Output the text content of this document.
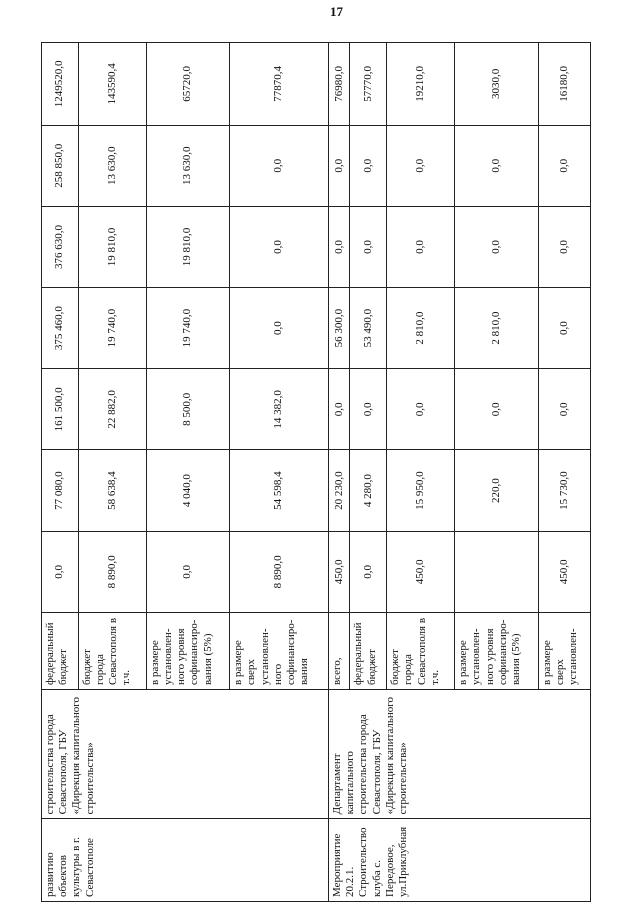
17
развитию объектов культуры в г. Севастополе	строительства города Севастополя, ГБУ «Дирекция капитального строительства»	федеральный бюджет	0,0	77 080,0	161 500,0	375 460,0	376 630,0	258 850,0	1249520,0
		бюджет города Севастополя в т.ч.	8 890,0	58 638,4	22 882,0	19 740,0	19 810,0	13 630,0	143590,4
		в размере установлен-ного уровня софинансиро-вания (5%)	0,0	4 040,0	8 500,0	19 740,0	19 810,0	13 630,0	65720,0
		в размере сверх установлен-ного софинансиро-вания	8 890,0	54 598,4	14 382,0	0,0	0,0	0,0	77870,4

Мероприятие 20.2.1. Строительство клуба с. Передовое, ул.Приклубная	Департамент капитального строительства города Севастополя, ГБУ «Дирекция капитального строительства»	всего,	450,0	20 230,0	0,0	56 300,0	0,0	0,0	76980,0
		федеральный бюджет	0,0	4 280,0	0,0	53 490,0	0,0	0,0	57770,0
		бюджет города Севастополя в т.ч.	450,0	15 950,0	0,0	2 810,0	0,0	0,0	19210,0
		в размере установлен-ного уровня софинансиро-вания (5%)		220,0	0,0	2 810,0	0,0	0,0	3030,0
		в размере сверх установлен-	450,0	15 730,0	0,0	0,0	0,0	0,0	16180,0
